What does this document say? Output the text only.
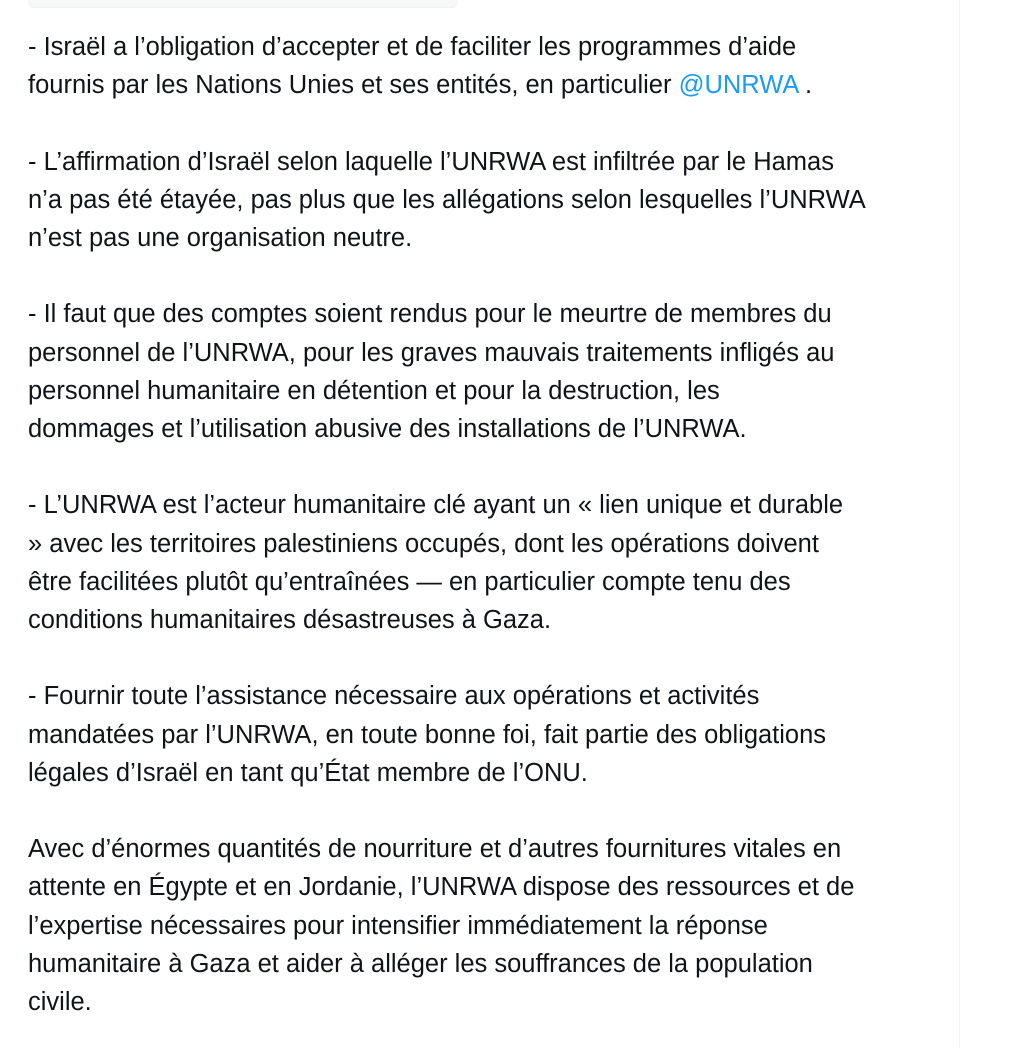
- Israël a l’obligation d’accepter et de faciliter les programmes d’aide
fournis par les Nations Unies et ses entités, en particulier @UNRWA .

- L’affirmation d’Israël selon laquelle l’UNRWA est infiltrée par le Hamas
n’a pas été étayée, pas plus que les allégations selon lesquelles l’UNRWA
n’est pas une organisation neutre.

- Il faut que des comptes soient rendus pour le meurtre de membres du
personnel de l’UNRWA, pour les graves mauvais traitements infligés au
personnel humanitaire en détention et pour la destruction, les
dommages et l’utilisation abusive des installations de l’UNRWA.

- L’UNRWA est l’acteur humanitaire clé ayant un « lien unique et durable
» avec les territoires palestiniens occupés, dont les opérations doivent
être facilitées plutôt qu’entraînées — en particulier compte tenu des
conditions humanitaires désastreuses à Gaza.

- Fournir toute l’assistance nécessaire aux opérations et activités
mandatées par l’UNRWA, en toute bonne foi, fait partie des obligations
légales d’Israël en tant qu’État membre de l’ONU.

Avec d’énormes quantités de nourriture et d’autres fournitures vitales en
attente en Égypte et en Jordanie, l’UNRWA dispose des ressources et de
l’expertise nécessaires pour intensifier immédiatement la réponse
humanitaire à Gaza et aider à alléger les souffrances de la population
civile.
